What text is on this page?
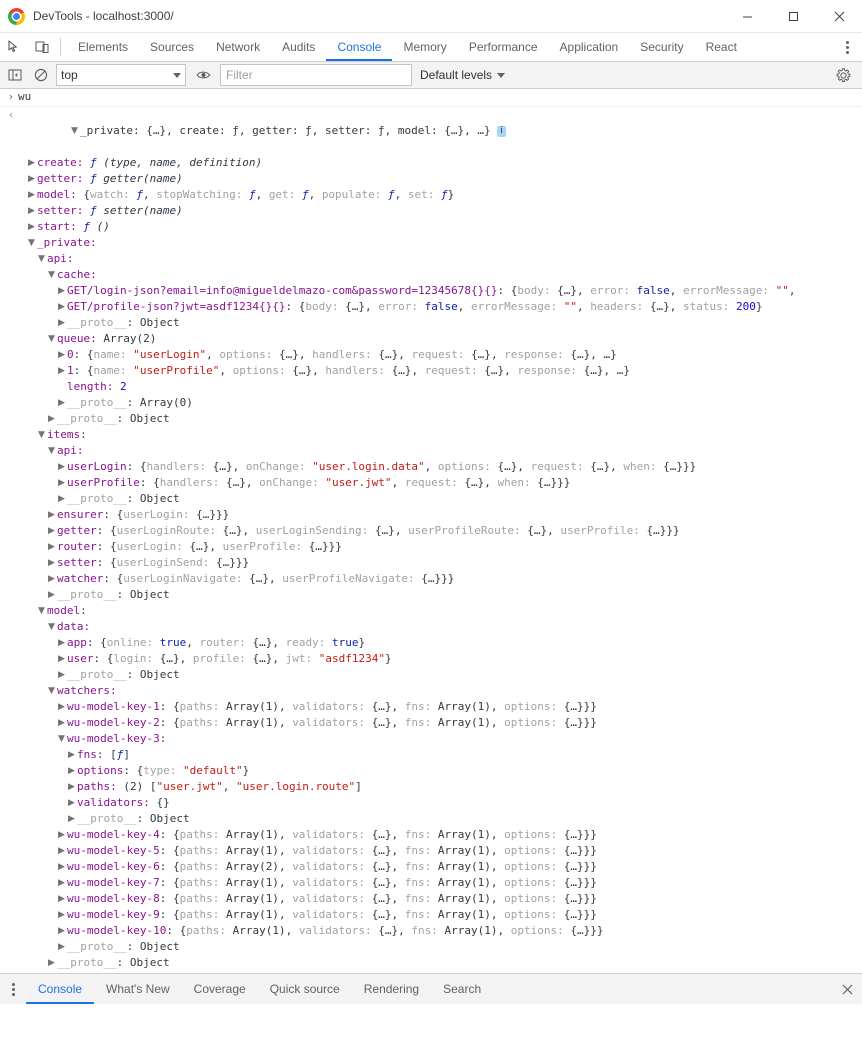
DevTools - localhost:3000/
Elements Sources Network Audits Console Memory Performance Application Security React
top	Filter	Default levels
› wu
‹

▼ _private: {…}, create: ƒ, getter: ƒ, setter: ƒ, model: {…}, …} i

▶ create: ƒ (type, name, definition)
▶ getter: ƒ getter(name)
▶ model: {watch: ƒ, stopWatching: ƒ, get: ƒ, populate: ƒ, set: ƒ}
▶ setter: ƒ setter(name)
▶ start: ƒ ()
▼ _private:
▼ api:
▼ cache:
▶ GET/login-json?email=info@migueldelmazo-com&password=12345678{}{}: {body: {…}, error: false, errorMessage: "",
▶ GET/profile-json?jwt=asdf1234{}{}: {body: {…}, error: false, errorMessage: "", headers: {…}, status: 200}
▶ __proto__: Object
▼ queue: Array(2)
▶ 0: {name: "userLogin", options: {…}, handlers: {…}, request: {…}, response: {…}, …}
▶ 1: {name: "userProfile", options: {…}, handlers: {…}, request: {…}, response: {…}, …}
length: 2
▶ __proto__: Array(0)
▶ __proto__: Object
▼ items:
▼ api:
▶ userLogin: {handlers: {…}, onChange: "user.login.data", options: {…}, request: {…}, when: {…}}}
▶ userProfile: {handlers: {…}, onChange: "user.jwt", request: {…}, when: {…}}}
▶ __proto__: Object
▶ ensurer: {userLogin: {…}}}
▶ getter: {userLoginRoute: {…}, userLoginSending: {…}, userProfileRoute: {…}, userProfile: {…}}}
▶ router: {userLogin: {…}, userProfile: {…}}}
▶ setter: {userLoginSend: {…}}}
▶ watcher: {userLoginNavigate: {…}, userProfileNavigate: {…}}}
▶ __proto__: Object
▼ model:
▼ data:
▶ app: {online: true, router: {…}, ready: true}
▶ user: {login: {…}, profile: {…}, jwt: "asdf1234"}
▶ __proto__: Object
▼ watchers:
▶ wu-model-key-1: {paths: Array(1), validators: {…}, fns: Array(1), options: {…}}}
▶ wu-model-key-2: {paths: Array(1), validators: {…}, fns: Array(1), options: {…}}}
▼ wu-model-key-3:
▶ fns: [ƒ]
▶ options: {type: "default"}
▶ paths: (2) ["user.jwt", "user.login.route"]
▶ validators: {}
▶ __proto__: Object
▶ wu-model-key-4: {paths: Array(1), validators: {…}, fns: Array(1), options: {…}}}
▶ wu-model-key-5: {paths: Array(1), validators: {…}, fns: Array(1), options: {…}}}
▶ wu-model-key-6: {paths: Array(2), validators: {…}, fns: Array(1), options: {…}}}
▶ wu-model-key-7: {paths: Array(1), validators: {…}, fns: Array(1), options: {…}}}
▶ wu-model-key-8: {paths: Array(1), validators: {…}, fns: Array(1), options: {…}}}
▶ wu-model-key-9: {paths: Array(1), validators: {…}, fns: Array(1), options: {…}}}
▶ wu-model-key-10: {paths: Array(1), validators: {…}, fns: Array(1), options: {…}}}
▶ __proto__: Object
▶ __proto__: Object
Console What's New Coverage Quick source Rendering Search
